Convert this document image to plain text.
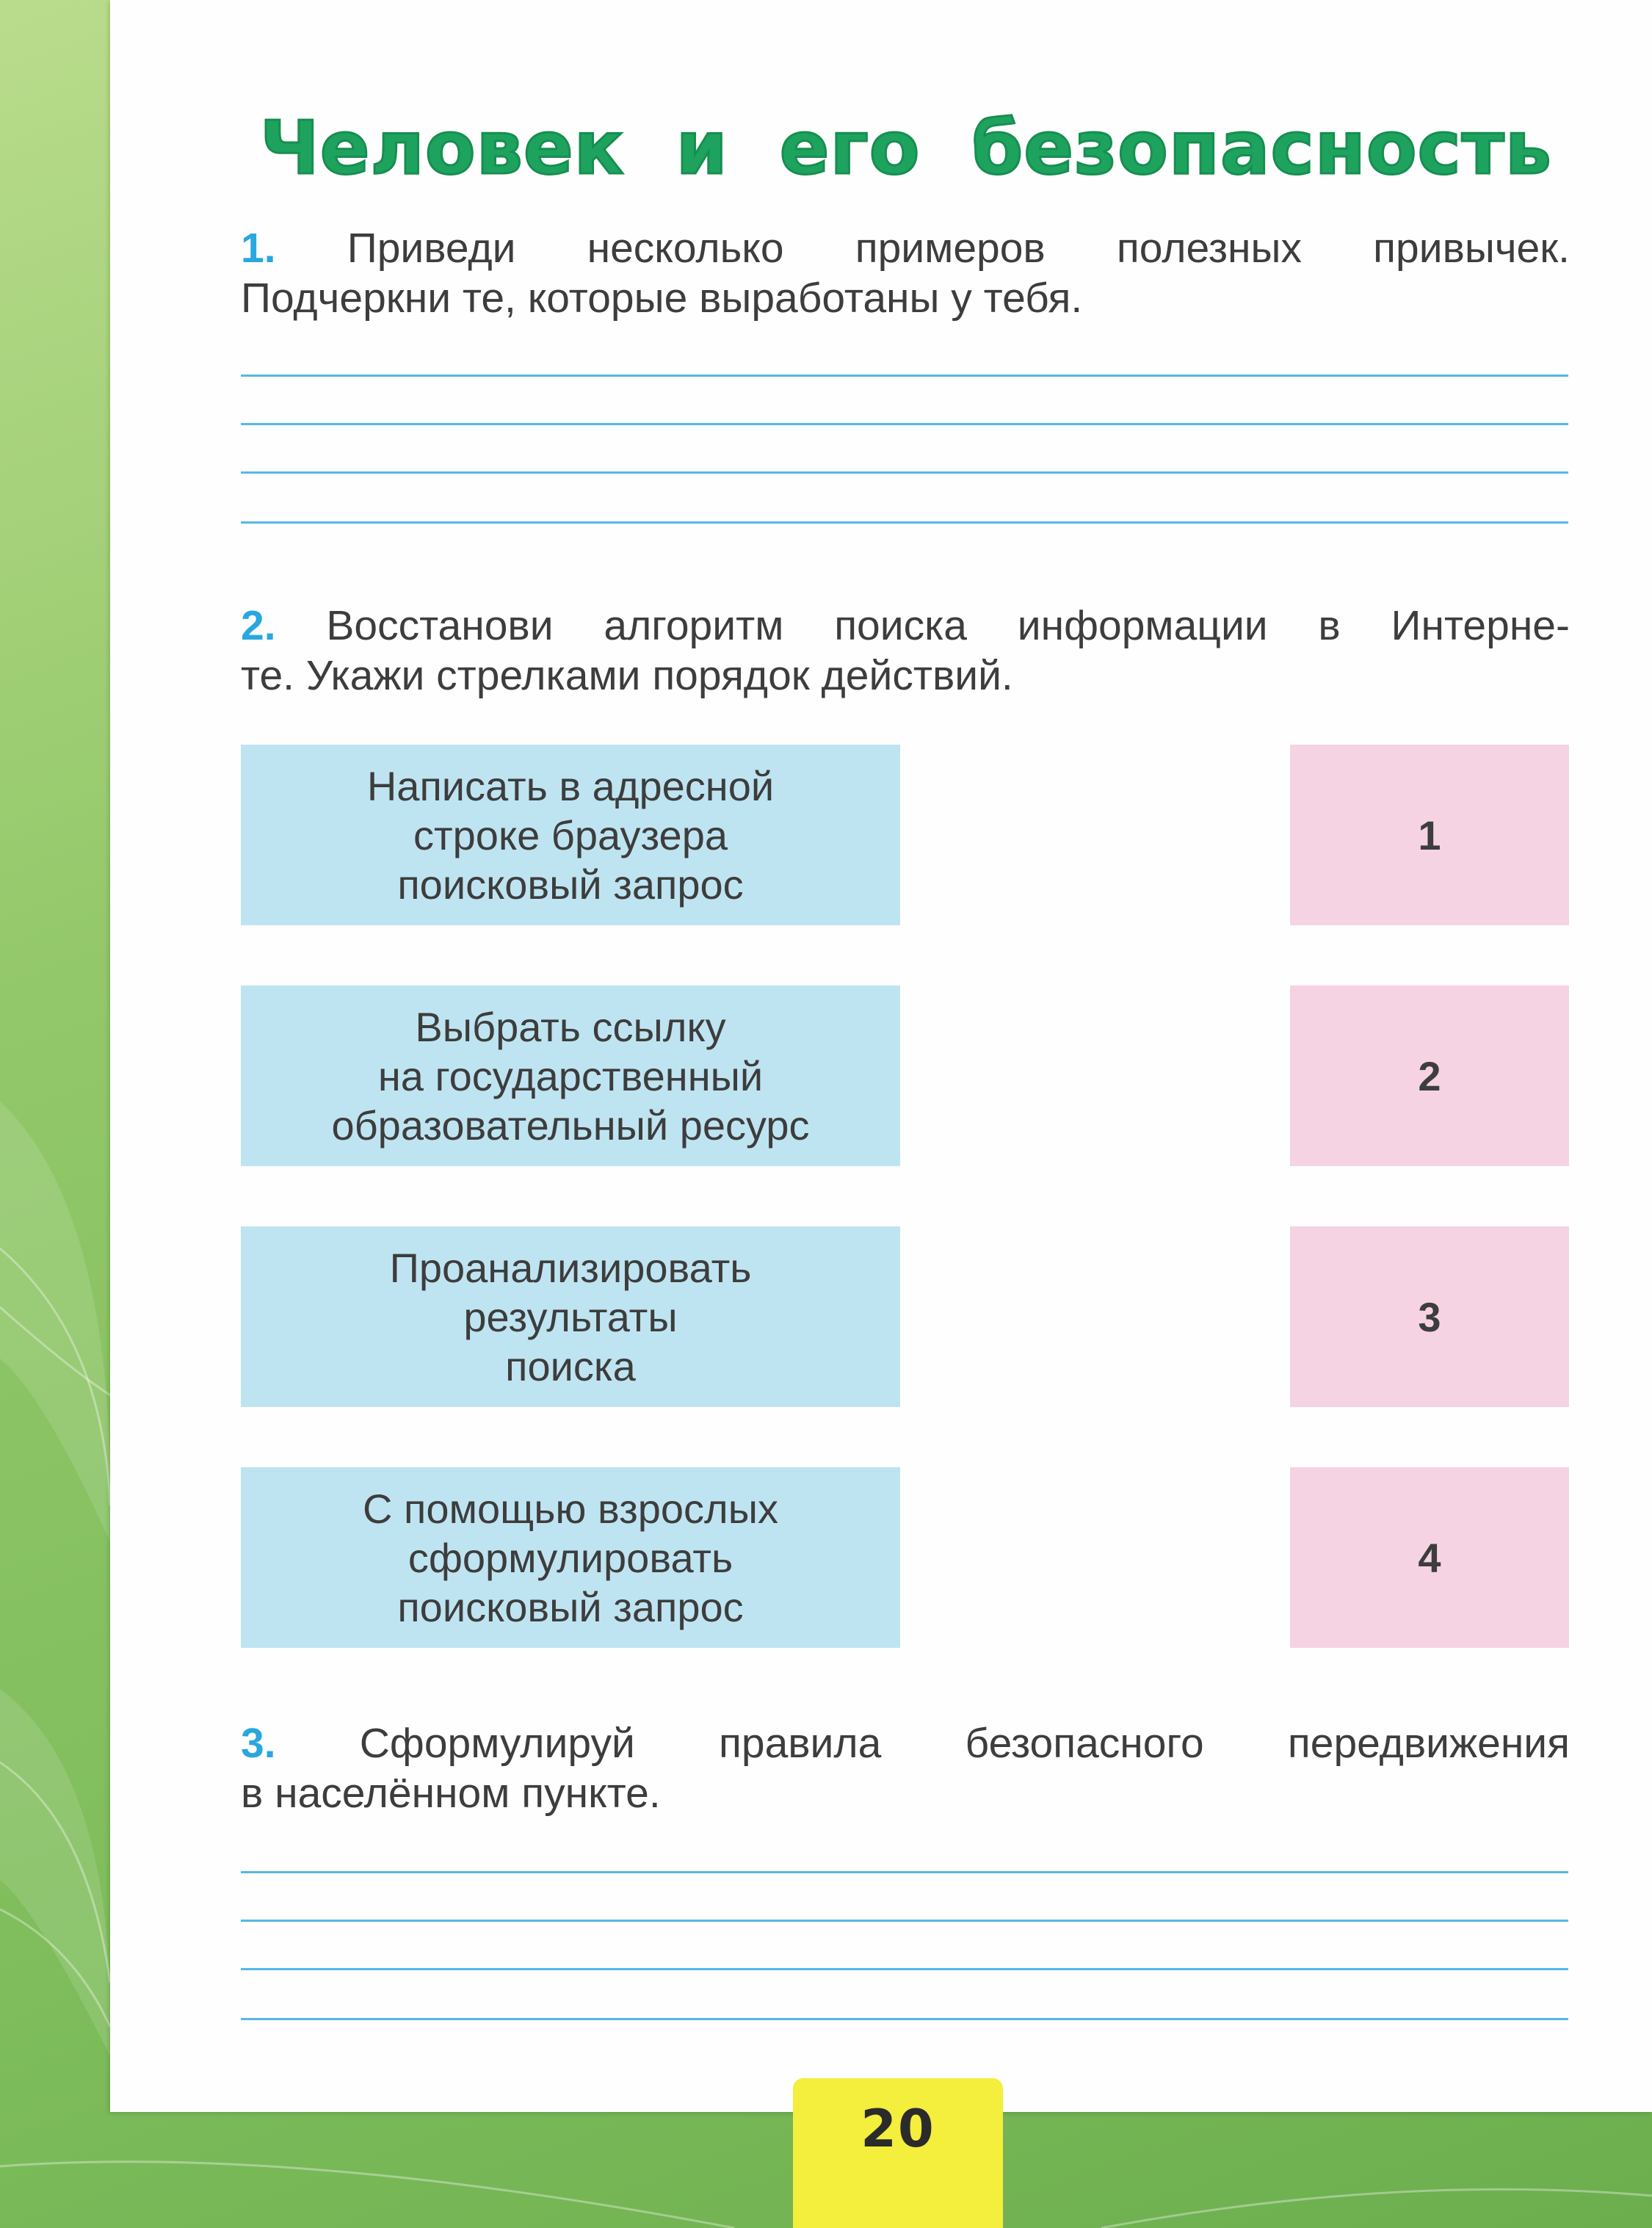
Человек и его безопасность
1. Приведи несколько примеров полезных привычек.
Подчеркни те, которые выработаны у тебя.
2. Восстанови алгоритм поиска информации в Интерне-
те. Укажи стрелками порядок действий.
Написать в адресной
строке браузера
поисковый запрос
Выбрать ссылку
на государственный
образовательный ресурс
Проанализировать
результаты
поиска
С помощью взрослых
сформулировать
поисковый запрос
1
2
3
4
3. Сформулируй правила безопасного передвижения
в населённом пункте.
20
